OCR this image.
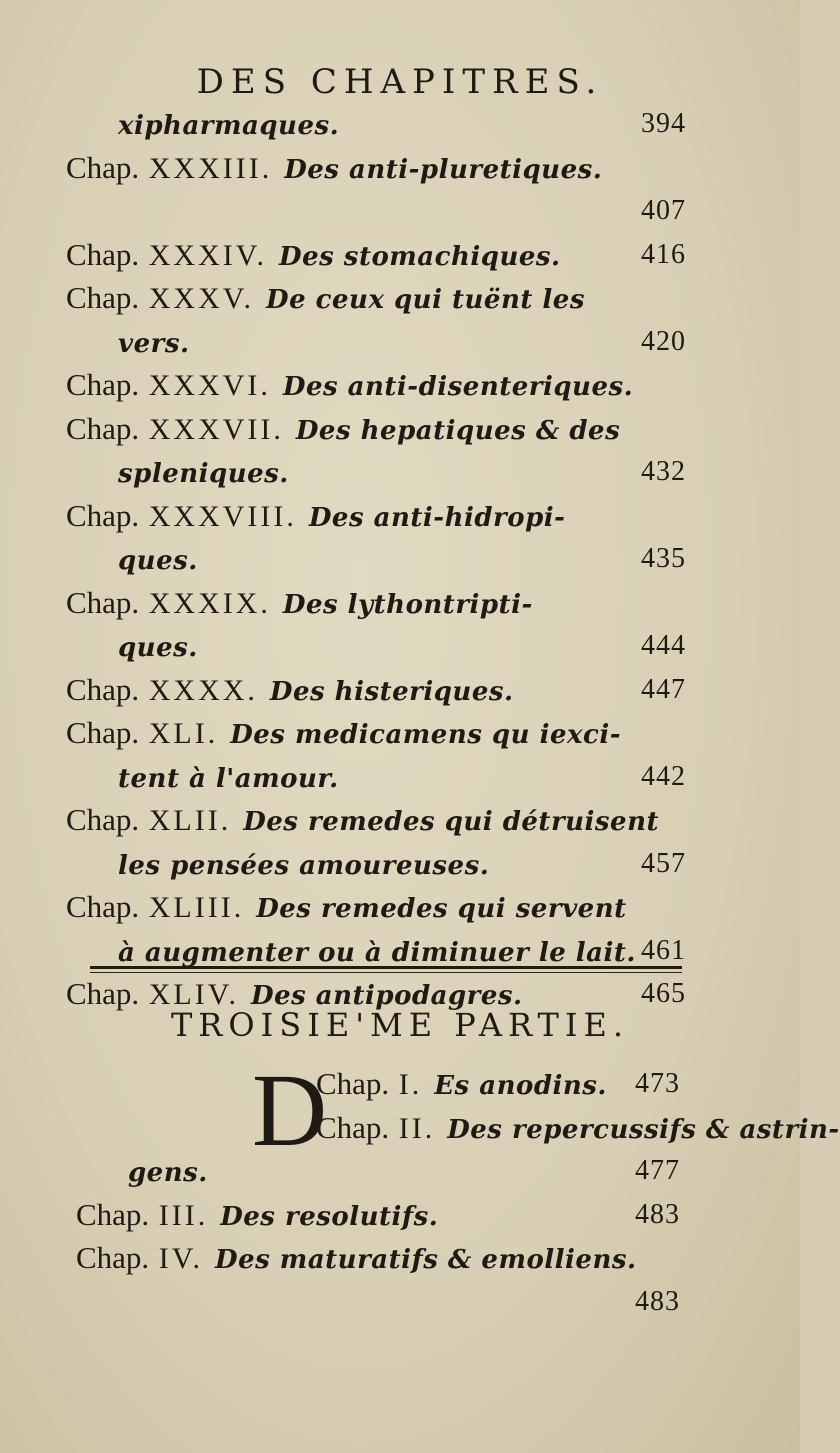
DES CHAPITRES.
xipharmaques.	394
Chap. XXXIII. Des anti-pluretiques.
407
Chap. XXXIV. Des stomachiques.	416
Chap. XXXV. De ceux qui tuënt les
vers.	420
Chap. XXXVI. Des anti-disenteriques.
Chap. XXXVII. Des hepatiques & des
spleniques.	432
Chap. XXXVIII. Des anti-hidropi-
ques.	435
Chap. XXXIX. Des lythontripti-
ques.	444
Chap. XXXX. Des histeriques.	447
Chap. XLI. Des medicamens qu iexci-
tent à l'amour.	442
Chap. XLII. Des remedes qui détruisent
les pensées amoureuses.	457
Chap. XLIII. Des remedes qui servent
à augmenter ou à diminuer le lait. 461
Chap. XLIV. Des antipodagres.	465
TROISIE'ME PARTIE.
D
Chap. I. Es anodins. 473
Chap. II. Des repercussifs & astrin-
gens.	477
Chap. III. Des resolutifs.	483
Chap. IV. Des maturatifs & emolliens.
483
